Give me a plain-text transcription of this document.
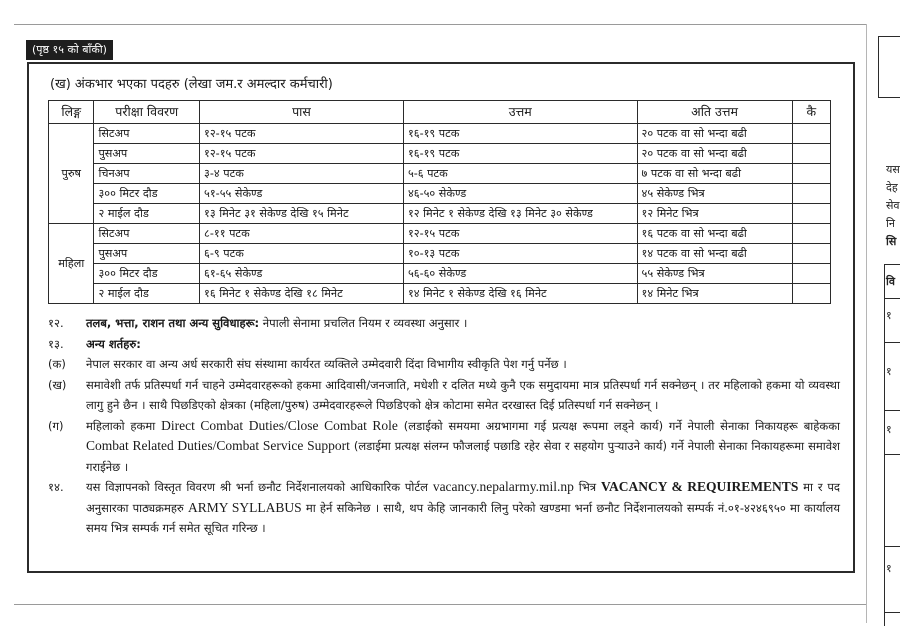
(पृष्ठ १५ को बाँकी)
(ख) अंकभार भएका पदहरु (लेखा जम.र अमल्दार कर्मचारी)
लिङ्ग	परीक्षा विवरण	पास	उत्तम	अति उत्तम	कै
पुरुष	सिटअप	१२-१५ पटक	१६-१९ पटक	२० पटक वा सो भन्दा बढी	
	पुसअप	१२-१५ पटक	१६-१९ पटक	२० पटक वा सो भन्दा बढी	
	चिनअप	३-४ पटक	५-६ पटक	७ पटक वा सो भन्दा बढी	
	३०० मिटर दौड	५१-५५ सेकेण्ड	४६-५० सेकेण्ड	४५ सेकेण्ड भित्र	
	२ माईल दौड	१३ मिनेट ३१ सेकेण्ड देखि १५ मिनेट	१२ मिनेट १ सेकेण्ड देखि १३ मिनेट ३० सेकेण्ड	१२ मिनेट भित्र	
महिला	सिटअप	८-११ पटक	१२-१५ पटक	१६ पटक वा सो भन्दा बढी	
	पुसअप	६-९ पटक	१०-१३ पटक	१४ पटक वा सो भन्दा बढी	
	३०० मिटर दौड	६१-६५ सेकेण्ड	५६-६० सेकेण्ड	५५ सेकेण्ड भित्र	
	२ माईल दौड	१६ मिनेट १ सेकेण्ड देखि १८ मिनेट	१४ मिनेट १ सेकेण्ड देखि १६ मिनेट	१४ मिनेट भित्र	
१२. तलब, भत्ता, राशन तथा अन्य सुविधाहरू: नेपाली सेनामा प्रचलित नियम र व्यवस्था अनुसार ।
१३. अन्य शर्तहरु:
(क) नेपाल सरकार वा अन्य अर्ध सरकारी संघ संस्थामा कार्यरत व्यक्तिले उम्मेदवारी दिंदा विभागीय स्वीकृति पेश गर्नु पर्नेछ ।
(ख) समावेशी तर्फ प्रतिस्पर्धा गर्न चाहने उम्मेदवारहरूको हकमा आदिवासी/जनजाति, मधेशी र दलित मध्ये कुनै एक समुदायमा मात्र प्रतिस्पर्धा गर्न सक्नेछन् । तर महिलाको हकमा यो व्यवस्था लागु हुने छैन । साथै पिछडिएको क्षेत्रका (महिला/पुरुष) उम्मेदवारहरूले पिछडिएको क्षेत्र कोटामा समेत दरखास्त दिई प्रतिस्पर्धा गर्न सक्नेछन् ।
(ग) महिलाको हकमा Direct Combat Duties/Close Combat Role (लडाईको समयमा अग्रभागमा गई प्रत्यक्ष रूपमा लड्ने कार्य) गर्ने नेपाली सेनाका निकायहरू बाहेकका Combat Related Duties/Combat Service Support (लडाईमा प्रत्यक्ष संलग्न फौजलाई पछाडि रहेर सेवा र सहयोग पुऱ्याउने कार्य) गर्ने नेपाली सेनाका निकायहरूमा समावेश गराईनेछ ।
१४. यस विज्ञापनको विस्तृत विवरण श्री भर्ना छनौट निर्देशनालयको आधिकारिक पोर्टल vacancy.nepalarmy.mil.np भित्र VACANCY & REQUIREMENTS मा र पद अनुसारका पाठ्यक्रमहरु ARMY SYLLABUS मा हेर्न सकिनेछ । साथै, थप केहि जानकारी लिनु परेको खण्डमा भर्ना छनौट निर्देशनालयको सम्पर्क नं.०१-४२४६९५० मा कार्यालय समय भित्र सम्पर्क गर्न समेत सूचित गरिन्छ ।
यस
देह
सेव
नि
सि
वि
१
१
१
१
